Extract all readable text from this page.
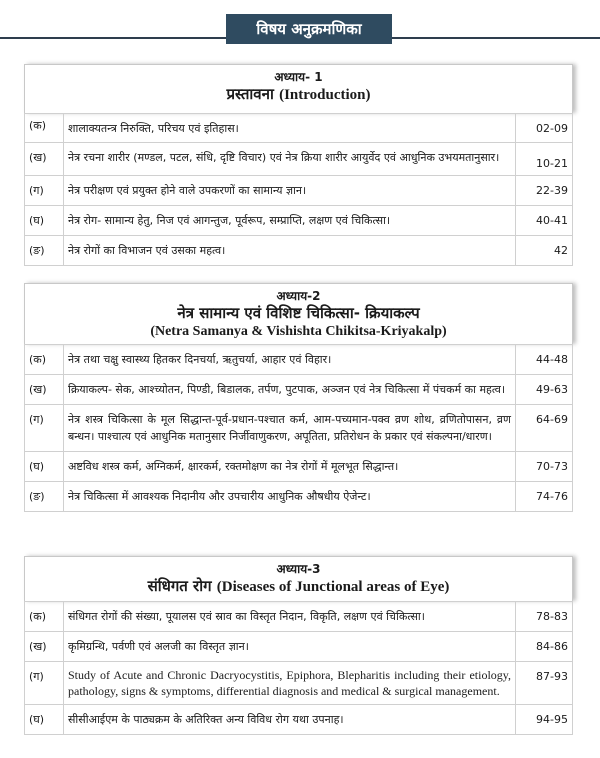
विषय अनुक्रमणिका
अध्याय- 1
प्रस्तावना (Introduction)
(क)	शालाक्यतन्त्र निरुक्ति, परिचय एवं इतिहास।	02-09
(ख)	नेत्र रचना शारीर (मण्डल, पटल, संधि, दृष्टि विचार) एवं नेत्र क्रिया शारीर आयुर्वेद एवं आधुनिक उभयमतानुसार।	10-21
(ग)	नेत्र परीक्षण एवं प्रयुक्त होने वाले उपकरणों का सामान्य ज्ञान।	22-39
(घ)	नेत्र रोग- सामान्य हेतु, निज एवं आगन्तुज, पूर्वरूप, सम्प्राप्ति, लक्षण एवं चिकित्सा।	40-41
(ङ)	नेत्र रोगों का विभाजन एवं उसका महत्व।	42
अध्याय-2
नेत्र सामान्य एवं विशिष्ट चिकित्सा- क्रियाकल्प
(Netra Samanya & Vishishta Chikitsa-Kriyakalp)
(क)	नेत्र तथा चक्षु स्वास्थ्य हितकर दिनचर्या, ऋतुचर्या, आहार एवं विहार।	44-48
(ख)	क्रियाकल्प- सेक, आश्च्योतन, पिण्डी, बिडालक, तर्पण, पुटपाक, अञ्जन एवं नेत्र चिकित्सा में पंचकर्म का महत्व।	49-63
(ग)	नेत्र शस्त्र चिकित्सा के मूल सिद्धान्त-पूर्व-प्रधान-पश्चात कर्म, आम-पच्यमान-पक्व व्रण शोथ, व्रणितोपासन, व्रण बन्धन। पाश्चात्य एवं आधुनिक मतानुसार निर्जीवाणुकरण, अपूतिता, प्रतिरोधन के प्रकार एवं संकल्पना/धारण।	64-69
(घ)	अष्टविध शस्त्र कर्म, अग्निकर्म, क्षारकर्म, रक्तमोक्षण का नेत्र रोगों में मूलभूत सिद्धान्त।	70-73
(ङ)	नेत्र चिकित्सा में आवश्यक निदानीय और उपचारीय आधुनिक औषधीय ऐजेन्ट।	74-76
अध्याय-3
संधिगत रोग (Diseases of Junctional areas of Eye)
(क)	संधिगत रोगों की संख्या, पूयालस एवं स्राव का विस्तृत निदान, विकृति, लक्षण एवं चिकित्सा।	78-83
(ख)	कृमिग्रन्थि, पर्वणी एवं अलजी का विस्तृत ज्ञान।	84-86
(ग)	Study of Acute and Chronic Dacryocystitis, Epiphora, Blepharitis including their etiology, pathology, signs & symptoms, differential diagnosis and medical & surgical management.	87-93
(घ)	सीसीआईएम के पाठ्यक्रम के अतिरिक्त अन्य विविध रोग यथा उपनाह।	94-95
